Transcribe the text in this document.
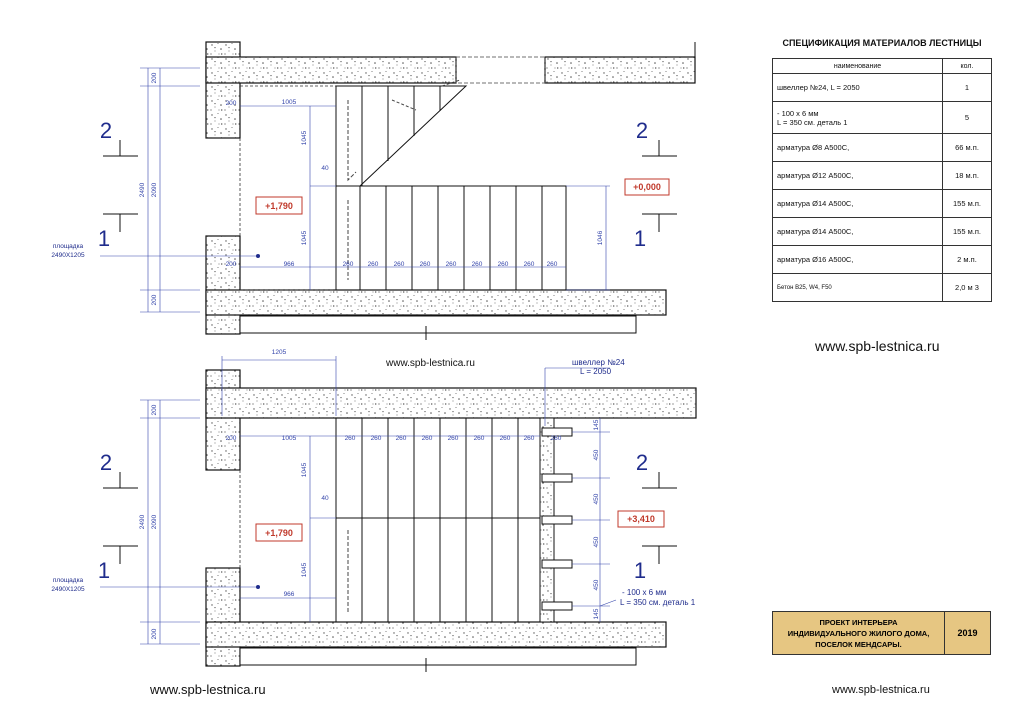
200
2490 2090
200
200	1005
1045
40
1045
200	966
1046
260 260 260 260 260 260 260 260 260
площадка
2490X1205
+1,790
+0,000
2
1
2
1
1205
200
2490 2090
200
200	1005
1045
40
1045
966
260 260 260 260 260 260 260 260 260
145
450
450
450
450
145
швеллер №24
L = 2050
- 100 х 6 мм
L = 350 см. деталь 1
площадка
2490X1205
+1,790
+3,410
2
1
2
1
СПЕЦИФИКАЦИЯ МАТЕРИАЛОВ ЛЕСТНИЦЫ
наименование	кол.
швеллер №24, L = 2050	1
- 100 х 6 мм
L = 350 см. деталь 1	5
арматура Ø8 А500С,	66 м.п.
арматура Ø12 А500С,	18 м.п.
арматура Ø14 А500С,	155 м.п.
арматура Ø14 А500С,	155 м.п.
арматура Ø16 А500С,	2 м.п.
Бетон В25, W4, F50	2,0 м 3
www.spb-lestnica.ru
www.spb-lestnica.ru
www.spb-lestnica.ru	www.spb-lestnica.ru
ПРОЕКТ ИНТЕРЬЕРА ИНДИВИДУАЛЬНОГО ЖИЛОГО ДОМА, ПОСЕЛОК МЕНДСАРЫ.
2019
